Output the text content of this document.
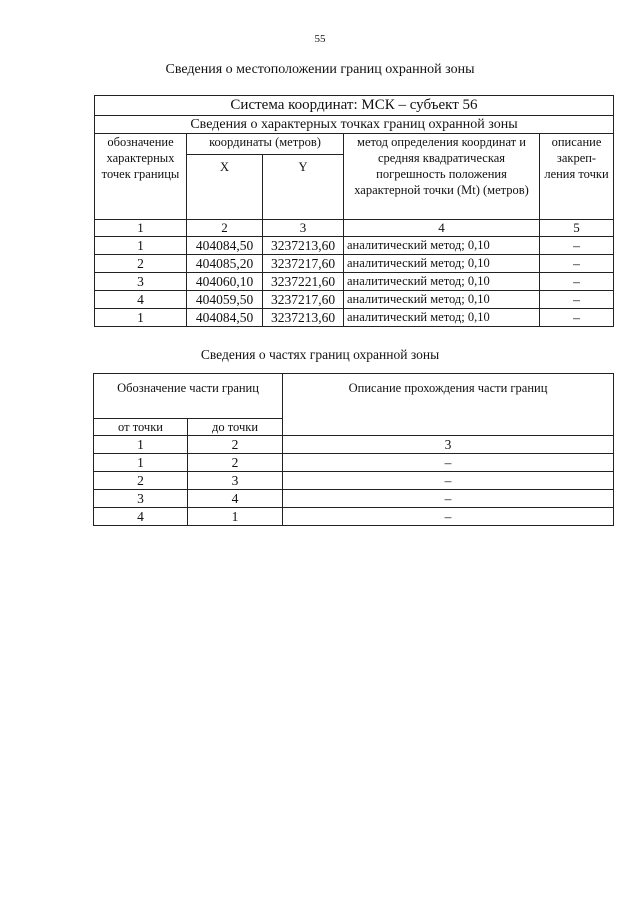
55
Сведения о местоположении границ охранной зоны
Система координат: МСК – субъект 56				
Сведения о характерных точках границ охранной зоны				
обозначение характерных точек границы	координаты (метров)		метод определения координат и средняя квадратическая погрешность положения характерной точки (Mt) (метров)	описание закреп-ления точки
	X	Y		
1	2	3	4	5
1	404084,50	3237213,60	аналитический метод; 0,10	–
2	404085,20	3237217,60	аналитический метод; 0,10	–
3	404060,10	3237221,60	аналитический метод; 0,10	–
4	404059,50	3237217,60	аналитический метод; 0,10	–
1	404084,50	3237213,60	аналитический метод; 0,10	–
Сведения о частях границ охранной зоны
Обозначение части границ		Описание прохождения части границ
от точки	до точки	
1	2	3
1	2	–
2	3	–
3	4	–
4	1	–
